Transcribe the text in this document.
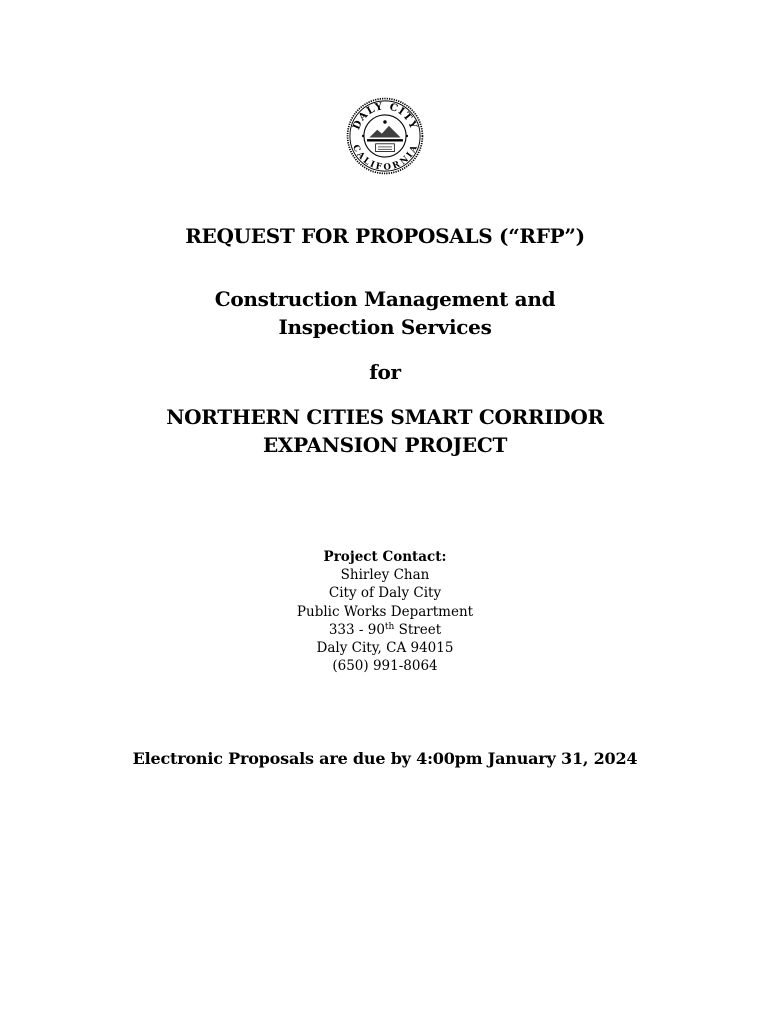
DALY CITY
CALIFORNIA
REQUEST FOR PROPOSALS (“RFP”)
Construction Management and
Inspection Services
for
NORTHERN CITIES SMART CORRIDOR
EXPANSION PROJECT
Project Contact:
Shirley Chan
City of Daly City
Public Works Department
333 - 90th Street
Daly City, CA 94015
(650) 991-8064
Electronic Proposals are due by 4:00pm January 31, 2024
